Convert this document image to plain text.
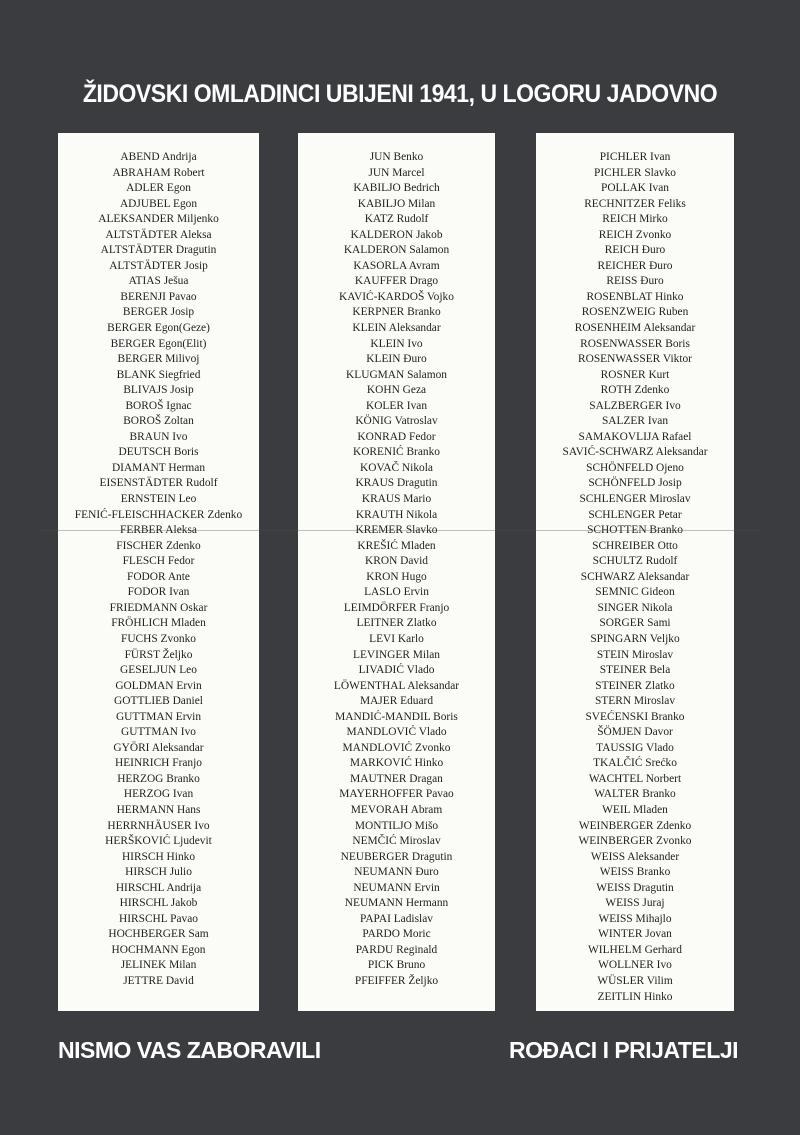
ŽIDOVSKI OMLADINCI UBIJENI 1941, U LOGORU JADOVNO
ABEND Andrija
ABRAHAM Robert
ADLER Egon
ADJUBEL Egon
ALEKSANDER Miljenko
ALTSTÄDTER Aleksa
ALTSTÄDTER Dragutin
ALTSTÄDTER Josip
ATIAS Ješua
BERENJI Pavao
BERGER Josip
BERGER Egon(Geze)
BERGER Egon(Elit)
BERGER Milivoj
BLANK Siegfried
BLIVAJS Josip
BOROŠ Ignac
BOROŠ Zoltan
BRAUN Ivo
DEUTSCH Boris
DIAMANT Herman
EISENSTÄDTER Rudolf
ERNSTEIN Leo
FENIĆ-FLEISCHHACKER Zdenko
FERBER Aleksa
FISCHER Zdenko
FLESCH Fedor
FODOR Ante
FODOR Ivan
FRIEDMANN Oskar
FRÖHLICH Mladen
FUCHS Zvonko
FÜRST Željko
GESELJUN Leo
GOLDMAN Ervin
GOTTLIEB Daniel
GUTTMAN Ervin
GUTTMAN Ivo
GYÖRI Aleksandar
HEINRICH Franjo
HERZOG Branko
HERZOG Ivan
HERMANN Hans
HERRNHÄUSER Ivo
HERŠKOVIĆ Ljudevit
HIRSCH Hinko
HIRSCH Julio
HIRSCHL Andrija
HIRSCHL Jakob
HIRSCHL Pavao
HOCHBERGER Sam
HOCHMANN Egon
JELINEK Milan
JETTRE David
JUN Benko
JUN Marcel
KABILJO Bedrich
KABILJO Milan
KATZ Rudolf
KALDERON Jakob
KALDERON Salamon
KASORLA Avram
KAUFFER Drago
KAVIĆ-KARDOŠ Vojko
KERPNER Branko
KLEIN Aleksandar
KLEIN Ivo
KLEIN Đuro
KLUGMAN Salamon
KOHN Geza
KOLER Ivan
KÖNIG Vatroslav
KONRAD Fedor
KORENIĆ Branko
KOVAČ Nikola
KRAUS Dragutin
KRAUS Mario
KRAUTH Nikola
KREMER Slavko
KREŠIĆ Mladen
KRON David
KRON Hugo
LASLO Ervin
LEIMDÖRFER Franjo
LEITNER Zlatko
LEVI Karlo
LEVINGER Milan
LIVADIĆ Vlado
LÖWENTHAL Aleksandar
MAJER Eduard
MANDIĆ-MANDIL Boris
MANDLOVIĆ Vlado
MANDLOVIĆ Zvonko
MARKOVIĆ Hinko
MAUTNER Dragan
MAYERHOFFER Pavao
MEVORAH Abram
MONTILJO Mišo
NEMČIĆ Miroslav
NEUBERGER Dragutin
NEUMANN Đuro
NEUMANN Ervin
NEUMANN Hermann
PAPAI Ladislav
PARDO Moric
PARDU Reginald
PICK Bruno
PFEIFFER Željko
PICHLER Ivan
PICHLER Slavko
POLLAK Ivan
RECHNITZER Feliks
REICH Mirko
REICH Zvonko
REICH Đuro
REICHER Đuro
REISS Đuro
ROSENBLAT Hinko
ROSENZWEIG Ruben
ROSENHEIM Aleksandar
ROSENWASSER Boris
ROSENWASSER Viktor
ROSNER Kurt
ROTH Zdenko
SALZBERGER Ivo
SALZER Ivan
SAMAKOVLIJA Rafael
SAVIĆ-SCHWARZ Aleksandar
SCHÖNFELD Ojeno
SCHÖNFELD Josip
SCHLENGER Miroslav
SCHLENGER Petar
SCHOTTEN Branko
SCHREIBER Otto
SCHULTZ Rudolf
SCHWARZ Aleksandar
SEMNIC Gideon
SINGER Nikola
SORGER Sami
SPINGARN Veljko
STEIN Miroslav
STEINER Bela
STEINER Zlatko
STERN Miroslav
SVEĆENSKI Branko
ŠÖMJEN Davor
TAUSSIG Vlado
TKALČIĆ Srećko
WACHTEL Norbert
WALTER Branko
WEIL Mladen
WEINBERGER Zdenko
WEINBERGER Zvonko
WEISS Aleksander
WEISS Branko
WEISS Dragutin
WEISS Juraj
WEISS Mihajlo
WINTER Jovan
WILHELM Gerhard
WOLLNER Ivo
WÜSLER Vilim
ZEITLIN Hinko
NISMO VAS ZABORAVILI	ROĐACI I PRIJATELJI
